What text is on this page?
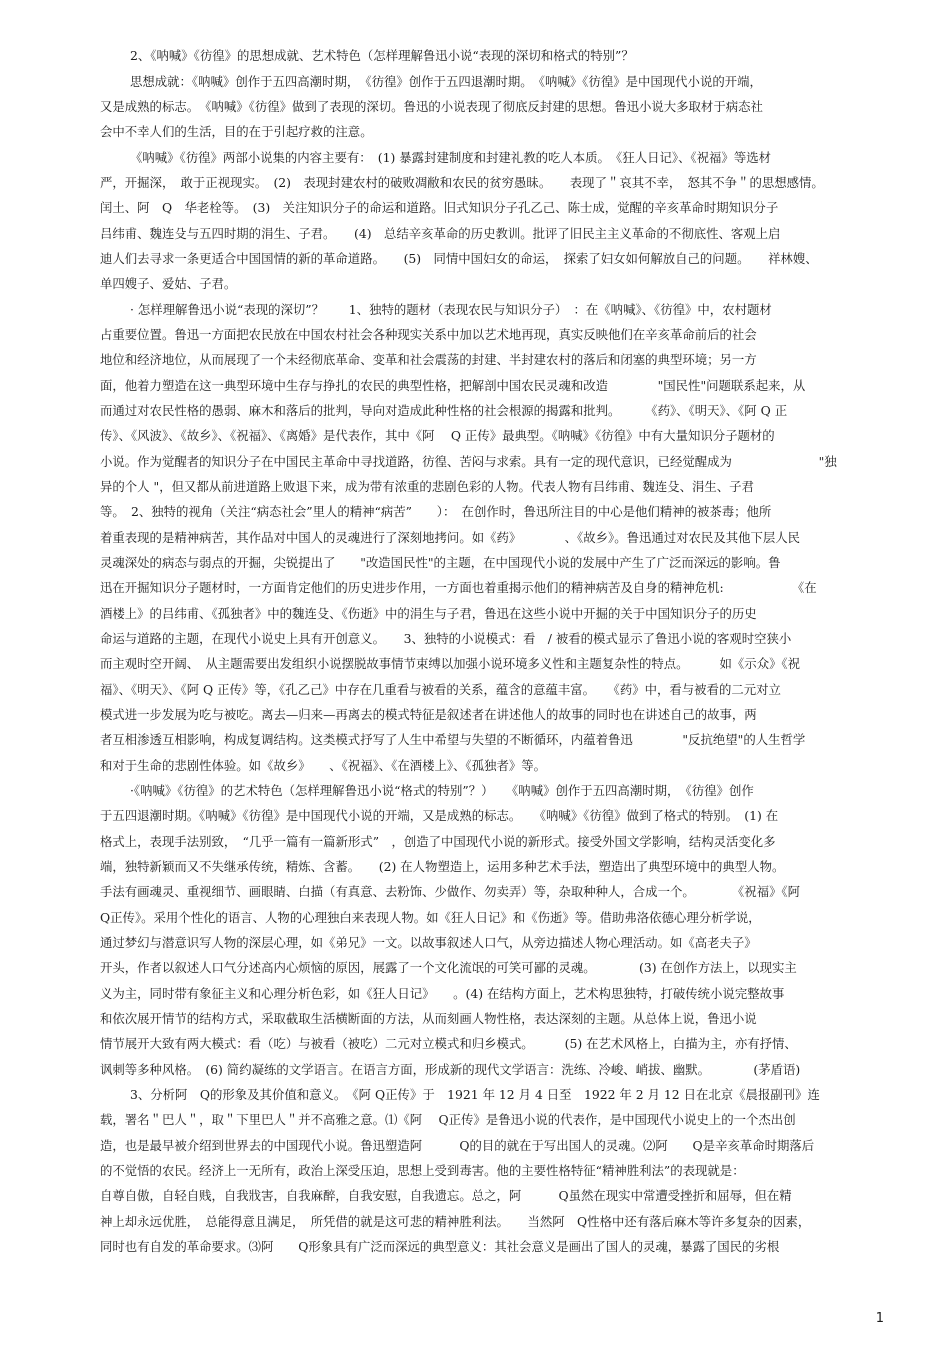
2、《呐喊》《彷徨》的思想成就、艺术特色（怎样理解鲁迅小说“表现的深切和格式的特别”？
思想成就：《呐喊》创作于五四高潮时期，　《彷徨》创作于五四退潮时期。　《呐喊》《彷徨》是中国现代小说的开端，
又是成熟的标志。　《呐喊》《彷徨》做到了表现的深切。鲁迅的小说表现了彻底反封建的思想。鲁迅小说大多取材于病态社
会中不幸人们的生活，目的在于引起疗救的注意。
《呐喊》《彷徨》两部小说集的内容主要有：　(1) 暴露封建制度和封建礼教的吃人本质。　《狂人日记》、《祝福》等选材
严，开掘深，　敢于正视现实。　(2)　表现封建农村的破败凋敝和农民的贫穷愚昧。　　表现了＂哀其不幸，　怒其不争＂的思想感情。
闰土、阿　Q　华老栓等。　(3)　关注知识分子的命运和道路。旧式知识分子孔乙己、陈士成，觉醒的辛亥革命时期知识分子
吕纬甫、魏连殳与五四时期的涓生、子君。　　(4)　总结辛亥革命的历史教训。批评了旧民主主义革命的不彻底性、客观上启
迪人们去寻求一条更适合中国国情的新的革命道路。　　(5)　同情中国妇女的命运，　探索了妇女如何解放自己的问题。　　祥林嫂、
单四嫂子、爱姑、子君。
· 怎样理解鲁迅小说“表现的深切”？　　1、独特的题材（表现农民与知识分子）　：在《呐喊》、《彷徨》中，农村题材
占重要位置。鲁迅一方面把农民放在中国农村社会各种现实关系中加以艺术地再现，真实反映他们在辛亥革命前后的社会
地位和经济地位，从而展现了一个未经彻底革命、变革和社会震荡的封建、半封建农村的落后和闭塞的典型环境；另一方
面，他着力塑造在这一典型环境中生存与挣扎的农民的典型性格，把解剖中国农民灵魂和改造　　　　"国民性"问题联系起来，从
而通过对农民性格的愚弱、麻木和落后的批判，导向对造成此种性格的社会根源的揭露和批判。　　　《药》、《明天》、《阿 Q 正
传》、《风波》、《故乡》、《祝福》、《离婚》是代表作，其中《阿　 Q 正传》最典型。《呐喊》《彷徨》中有大量知识分子题材的
小说。作为觉醒者的知识分子在中国民主革命中寻找道路，彷徨、苦闷与求索。具有一定的现代意识，已经觉醒成为　　　　　　　"独
异的个人 "，但又都从前进道路上败退下来，成为带有浓重的悲剧色彩的人物。代表人物有吕纬甫、魏连殳、涓生、子君
等。　2、独特的视角（关注“病态社会”里人的精神“病苦”　　）：　在创作时，鲁迅所注目的中心是他们精神的被茶毒；他所
着重表现的是精神病苦，其作品对中国人的灵魂进行了深刻地拷问。如《药》　　　　、《故乡》。鲁迅通过对农民及其他下层人民
灵魂深处的病态与弱点的开掘，尖锐提出了　　"改造国民性"的主题，在中国现代小说的发展中产生了广泛而深远的影响。鲁
迅在开掘知识分子题材时，一方面肯定他们的历史进步作用，一方面也着重揭示他们的精神病苦及自身的精神危机:　　　　　　《在
酒楼上》的吕纬甫、《孤独者》中的魏连殳、《伤逝》中的涓生与子君，鲁迅在这些小说中开掘的关于中国知识分子的历史
命运与道路的主题，在现代小说史上具有开创意义。　　3、独特的小说模式：看　/ 被看的模式显示了鲁迅小说的客观时空狭小
而主观时空开阔、　从主题需要出发组织小说摆脱故事情节束缚以加强小说环境多义性和主题复杂性的特点。　　　如《示众》《祝
福》、《明天》、《阿 Q 正传》等，《孔乙己》中存在几重看与被看的关系，蕴含的意蕴丰富。　　《药》中，看与被看的二元对立
模式进一步发展为吃与被吃。离去—归来—再离去的模式特征是叙述者在讲述他人的故事的同时也在讲述自己的故事，两
者互相渗透互相影响，构成复调结构。这类模式抒写了人生中希望与失望的不断循环，内蕴着鲁迅　　　　"反抗绝望"的人生哲学
和对于生命的悲剧性体验。如《故乡》　　、《祝福》、《在酒楼上》、《孤独者》等。
·《呐喊》《彷徨》的艺术特色（怎样理解鲁迅小说“格式的特别”？）　　《呐喊》创作于五四高潮时期，　《彷徨》创作
于五四退潮时期。《呐喊》《彷徨》是中国现代小说的开端，又是成熟的标志。　　《呐喊》《彷徨》做到了格式的特别。　(1) 在
格式上，表现手法别致，　“几乎一篇有一篇新形式”　，创造了中国现代小说的新形式。接受外国文学影响，结构灵活变化多
端，独特新颖而又不失继承传统，精炼、含蓄。　　(2) 在人物塑造上，运用多种艺术手法，塑造出了典型环境中的典型人物。
手法有画魂灵、重视细节、画眼睛、白描（有真意、去粉饰、少做作、勿卖弄）等，杂取种种人，合成一个。　　　　《祝福》《阿
Q正传》。采用个性化的语言、人物的心理独白来表现人物。如《狂人日记》和《伤逝》等。借助弗洛依德心理分析学说，
通过梦幻与潜意识写人物的深层心理，如《弟兄》一文。以故事叙述人口气，从旁边描述人物心理活动。如《高老夫子》
开头，作者以叙述人口气分述高内心烦恼的原因，展露了一个文化流氓的可笑可鄙的灵魂。　　　　(3) 在创作方法上，以现实主
义为主，同时带有象征主义和心理分析色彩，如《狂人日记》　　。(4) 在结构方面上，艺术构思独特，打破传统小说完整故事
和依次展开情节的结构方式，采取截取生活横断面的方法，从而刻画人物性格，表达深刻的主题。从总体上说，鲁迅小说
情节展开大致有两大模式：看（吃）与被看（被吃）二元对立模式和归乡模式。　　　(5) 在艺术风格上，白描为主，亦有抒情、
讽刺等多种风格。　(6) 简约凝练的文学语言。在语言方面，形成新的现代文学语言：洗练、冷峻、峭拔、幽默。　　　　(茅盾语)
3、分析阿　Q的形象及其价值和意义。　《阿 Q正传》于　1921 年 12 月 4 日至　1922 年 2 月 12 日在北京《晨报副刊》连
载，署名＂巴人＂，取＂下里巴人＂并不高雅之意。⑴《阿　 Q正传》是鲁迅小说的代表作，是中国现代小说史上的一个杰出创
造，也是最早被介绍到世界去的中国现代小说。鲁迅塑造阿　　　Q的目的就在于写出国人的灵魂。⑵阿　　Q是辛亥革命时期落后
的不觉悟的农民。经济上一无所有，政治上深受压迫，思想上受到毒害。他的主要性格特征“精神胜利法”的表现就是：
自尊自傲，自轻自贱，自我戕害，自我麻醉，自我安慰，自我遗忘。总之，阿　　　Q虽然在现实中常遭受挫折和屈辱，但在精
神上却永远优胜，　总能得意且满足，　所凭借的就是这可悲的精神胜利法。　　当然阿　Q性格中还有落后麻木等许多复杂的因素，
同时也有自发的革命要求。⑶阿　　Q形象具有广泛而深远的典型意义：其社会意义是画出了国人的灵魂，暴露了国民的劣根
1
